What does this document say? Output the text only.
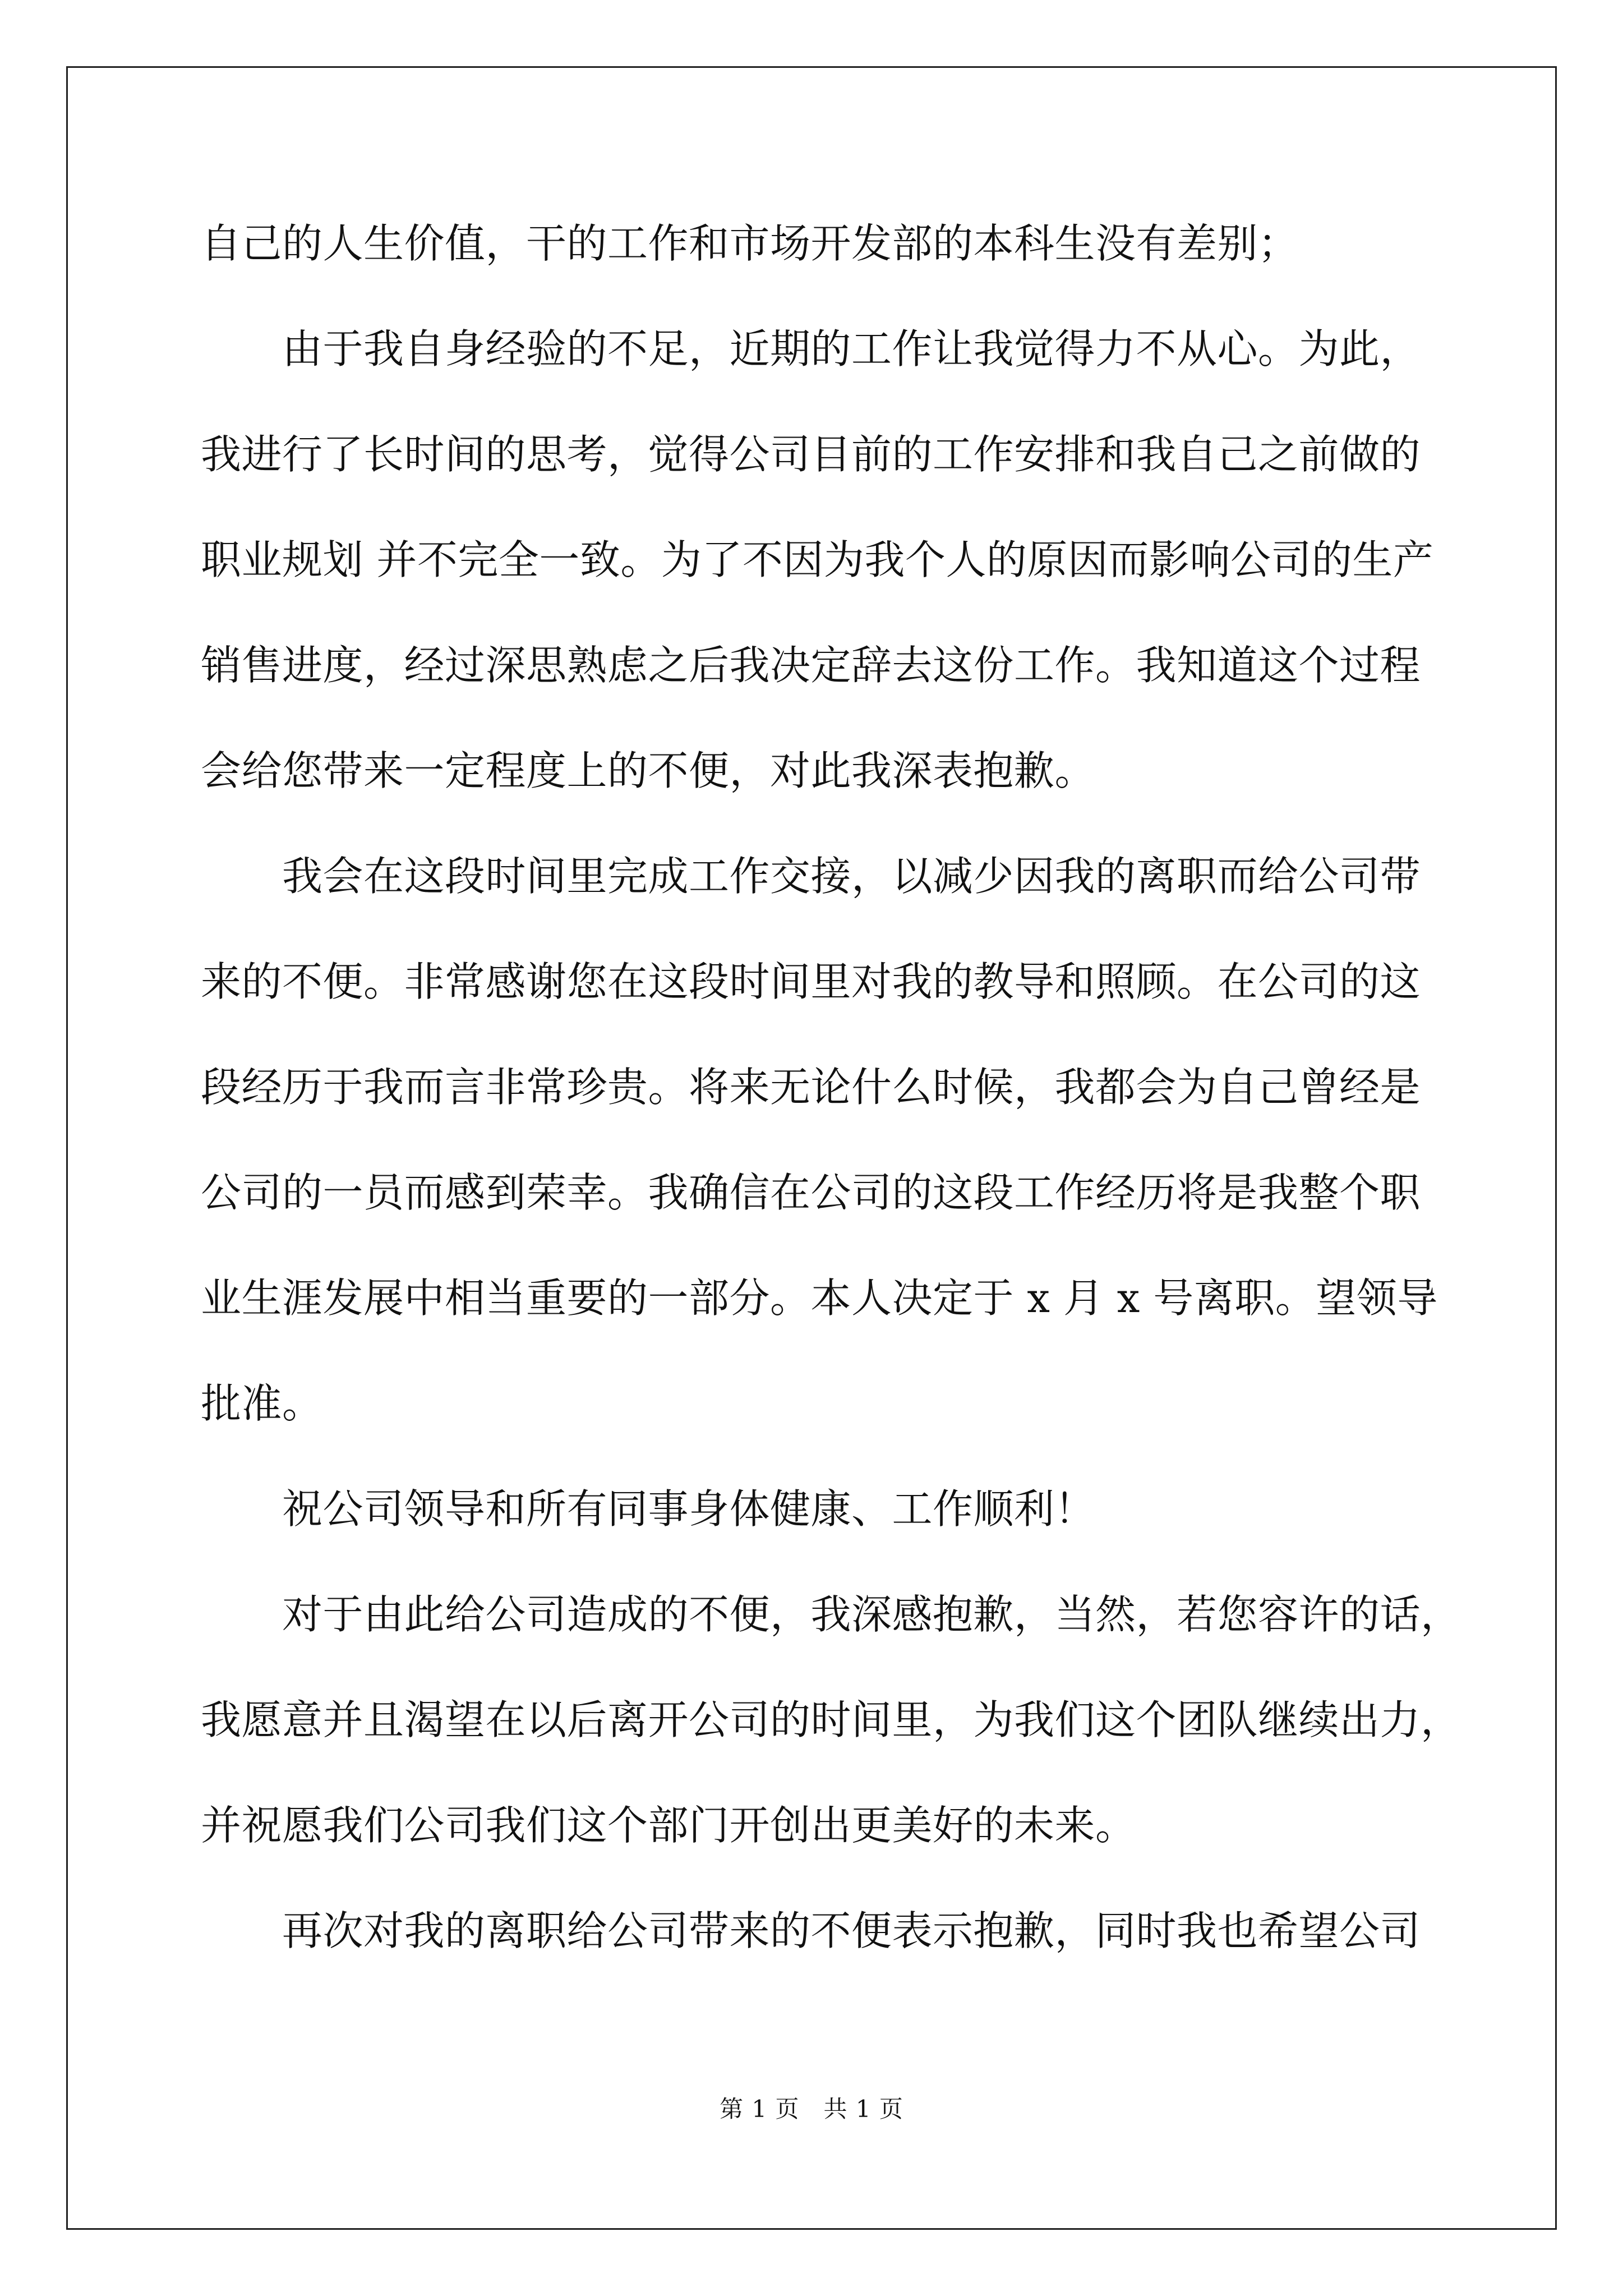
自己的人生价值，干的工作和市场开发部的本科生没有差别；
由于我自身经验的不足，近期的工作让我觉得力不从心。为此，
我进行了长时间的思考，觉得公司目前的工作安排和我自己之前做的
职业规划 并不完全一致。为了不因为我个人的原因而影响公司的生产
销售进度，经过深思熟虑之后我决定辞去这份工作。我知道这个过程
会给您带来一定程度上的不便，对此我深表抱歉。
我会在这段时间里完成工作交接，以减少因我的离职而给公司带
来的不便。非常感谢您在这段时间里对我的教导和照顾。在公司的这
段经历于我而言非常珍贵。将来无论什么时候，我都会为自己曾经是
公司的一员而感到荣幸。我确信在公司的这段工作经历将是我整个职
业生涯发展中相当重要的一部分。本人决定于 x 月 x 号离职。望领导
批准。
祝公司领导和所有同事身体健康、工作顺利！
对于由此给公司造成的不便，我深感抱歉，当然，若您容许的话，
我愿意并且渴望在以后离开公司的时间里，为我们这个团队继续出力，
并祝愿我们公司我们这个部门开创出更美好的未来。
再次对我的离职给公司带来的不便表示抱歉，同时我也希望公司
第 1 页　共 1 页
